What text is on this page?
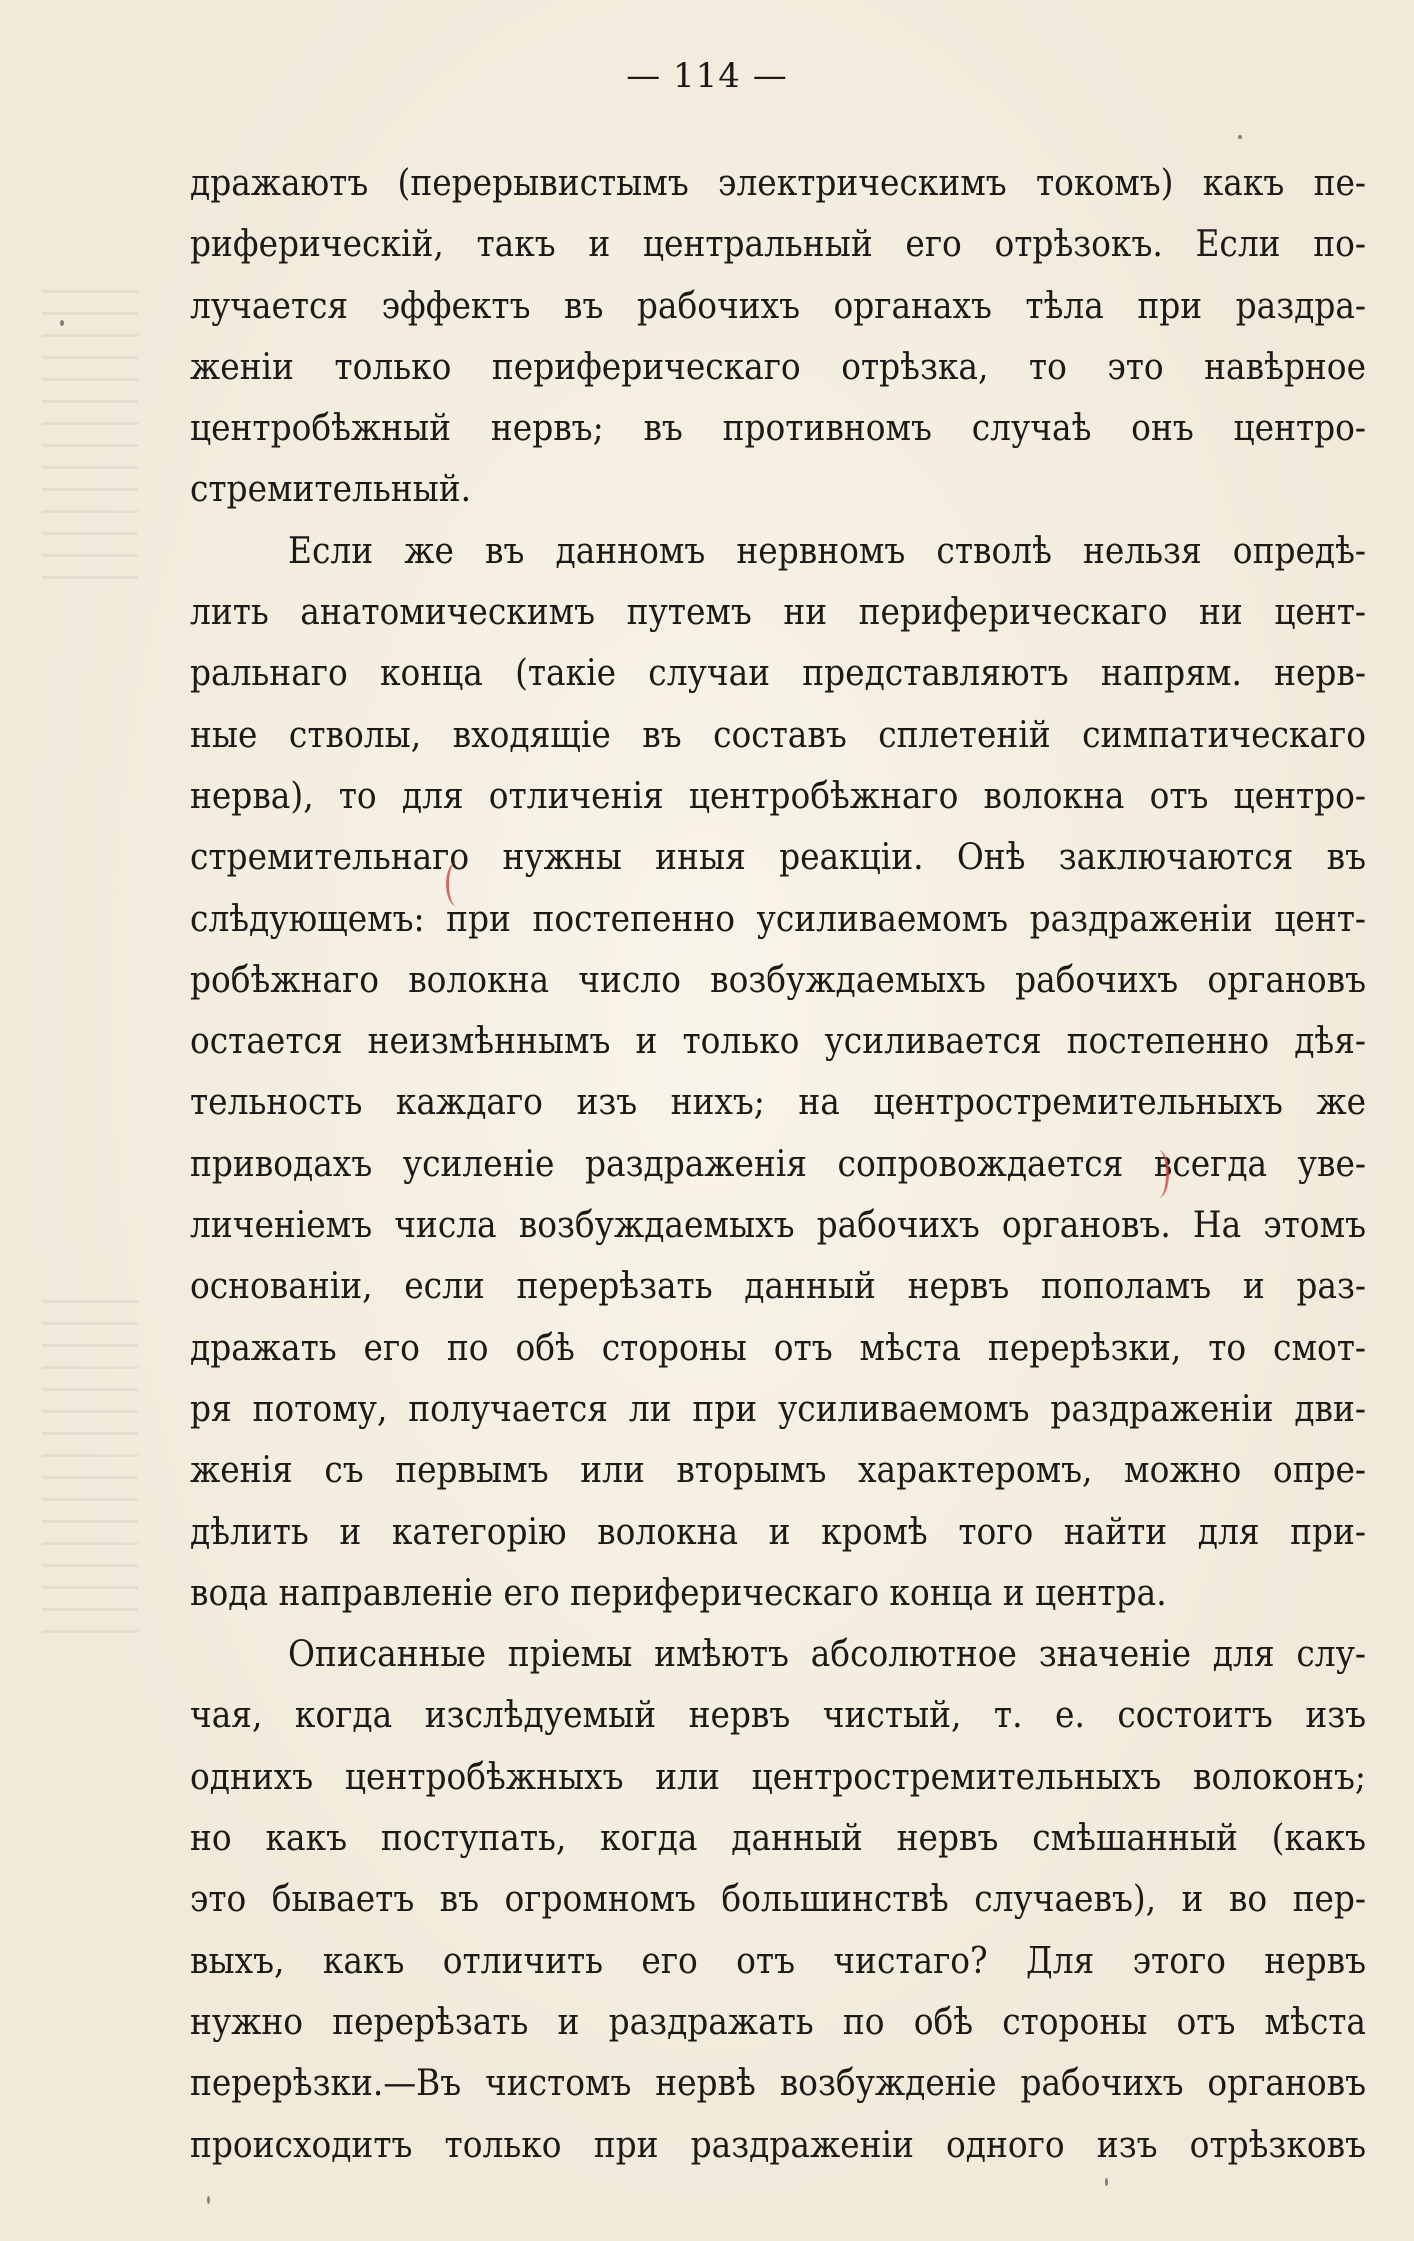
— 114 —
дражаютъ (перерывистымъ электрическимъ токомъ) какъ пе-
риферическій, такъ и центральный его отрѣзокъ. Если по-
лучается эффектъ въ рабочихъ органахъ тѣла при раздра-
женіи только периферическаго отрѣзка, то это навѣрное
центробѣжный нервъ; въ противномъ случаѣ онъ центро-
стремительный.
Если же въ данномъ нервномъ стволѣ нельзя опредѣ-
лить анатомическимъ путемъ ни периферическаго ни цент-
ральнаго конца (такіе случаи представляютъ напрям. нерв-
ные стволы, входящіе въ составъ сплетеній симпатическаго
нерва), то для отличенія центробѣжнаго волокна отъ центро-
стремительнаго нужны иныя реакціи. Онѣ заключаются въ
слѣдующемъ: при постепенно усиливаемомъ раздраженіи цент-
робѣжнаго волокна число возбуждаемыхъ рабочихъ органовъ
остается неизмѣннымъ и только усиливается постепенно дѣя-
тельность каждаго изъ нихъ; на центростремительныхъ же
приводахъ усиленіе раздраженія сопровождается всегда увe-
личеніемъ числа возбуждаемыхъ рабочихъ органовъ. На этомъ
основаніи, если перерѣзать данный нервъ пополамъ и раз-
дражать его по обѣ стороны отъ мѣста перерѣзки, то смот-
ря потому, получается ли при усиливаемомъ раздраженіи дви-
женія съ первымъ или вторымъ характеромъ, можно опре-
дѣлить и категорію волокна и кромѣ того найти для при-
вода направленіе его периферическаго конца и центра.
Описанные пріемы имѣютъ абсолютное значеніе для слу-
чая, когда изслѣдуемый нервъ чистый, т. е. состоитъ изъ
однихъ центробѣжныхъ или центростремительныхъ волоконъ;
но какъ поступать, когда данный нервъ смѣшанный (какъ
это бываетъ въ огромномъ большинствѣ случаевъ), и во пер-
выхъ, какъ отличить его отъ чистаго? Для этого нервъ
нужно перерѣзать и раздражать по обѣ стороны отъ мѣста
перерѣзки.—Въ чистомъ нервѣ возбужденіе рабочихъ органовъ
происходитъ только при раздраженіи одного изъ отрѣзковъ
